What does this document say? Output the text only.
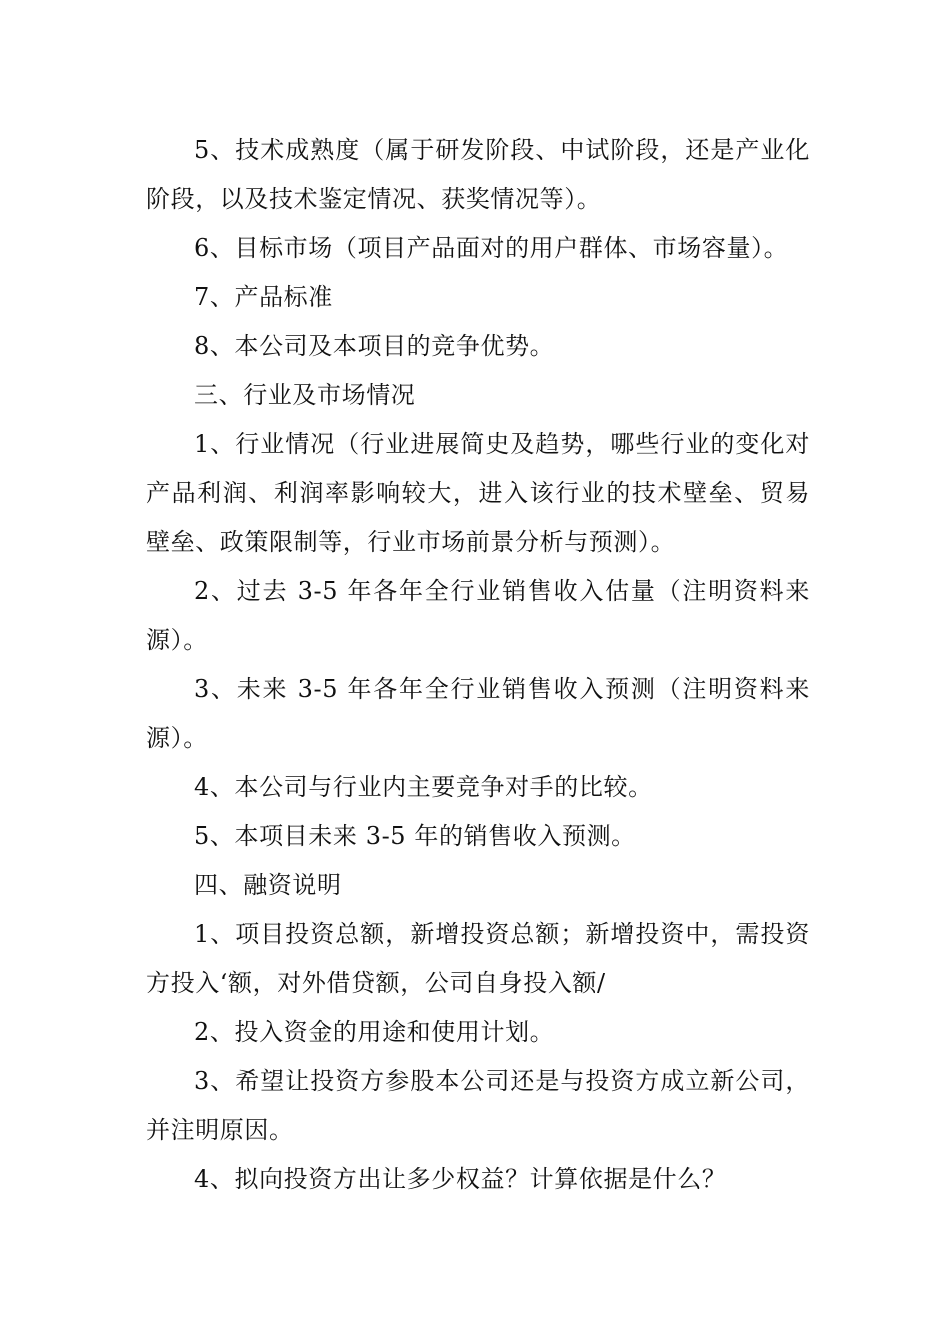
5、技术成熟度（属于研发阶段、中试阶段，还是产业化阶段，以及技术鉴定情况、获奖情况等）。

6、目标市场（项目产品面对的用户群体、市场容量）。

7、产品标准

8、本公司及本项目的竞争优势。

三、行业及市场情况

1、行业情况（行业进展简史及趋势，哪些行业的变化对产品利润、利润率影响较大，进入该行业的技术壁垒、贸易壁垒、政策限制等，行业市场前景分析与预测）。

2、过去 3-5 年各年全行业销售收入估量（注明资料来源）。

3、未来 3-5 年各年全行业销售收入预测（注明资料来源）。

4、本公司与行业内主要竞争对手的比较。

5、本项目未来 3-5 年的销售收入预测。

四、融资说明

1、项目投资总额，新增投资总额；新增投资中，需投资方投入‘额，对外借贷额，公司自身投入额/

2、投入资金的用途和使用计划。

3、希望让投资方参股本公司还是与投资方成立新公司，并注明原因。

4、拟向投资方出让多少权益？计算依据是什么？
